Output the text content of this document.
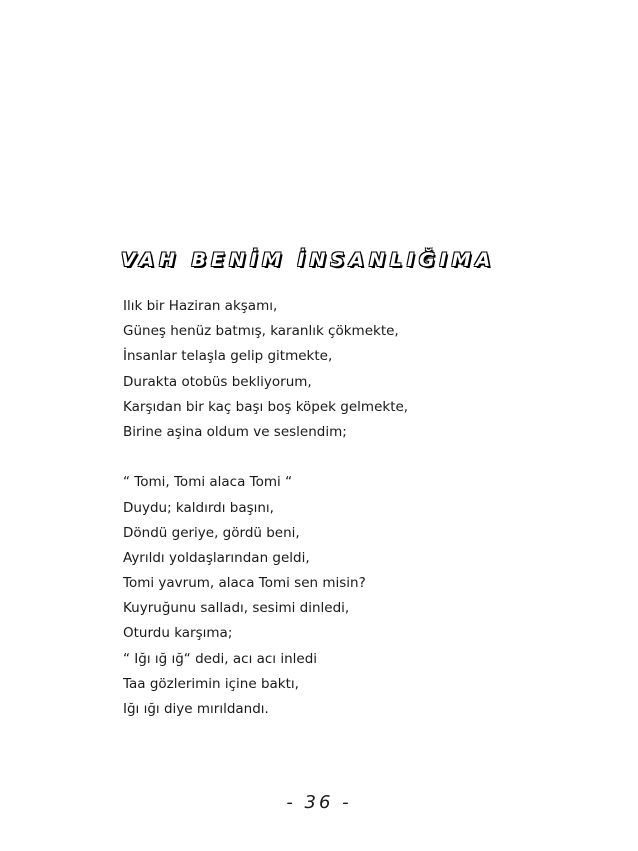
VAH BENİM İNSANLIĞIMA
Ilık bir Haziran akşamı,
Güneş henüz batmış, karanlık çökmekte,
İnsanlar telaşla gelip gitmekte,
Durakta otobüs bekliyorum,
Karşıdan bir kaç başı boş köpek gelmekte,
Birine aşina oldum ve seslendim;
“ Tomi, Tomi alaca Tomi “
Duydu; kaldırdı başını,
Döndü geriye, gördü beni,
Ayrıldı yoldaşlarından geldi,
Tomi yavrum, alaca Tomi sen misin?
Kuyruğunu salladı, sesimi dinledi,
Oturdu karşıma;
“ Iğı ığ ığ“ dedi, acı acı inledi
Taa gözlerimin içine baktı,
Iğı ığı diye mırıldandı.
- 36 -
